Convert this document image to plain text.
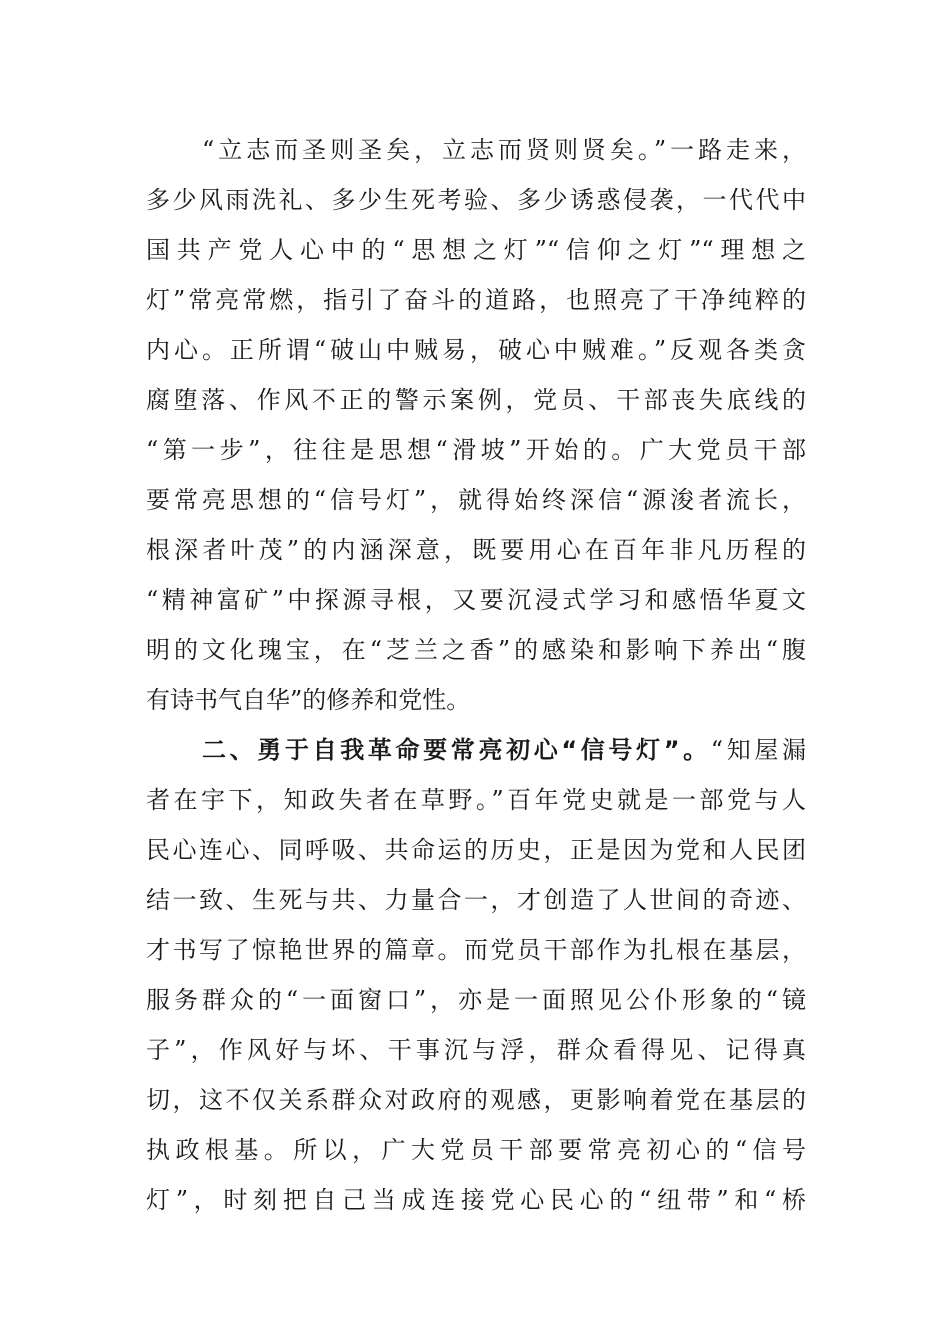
“立志而圣则圣矣，立志而贤则贤矣。”一路走来，
多少风雨洗礼、多少生死考验、多少诱惑侵袭，一代代中
国共产党人心中的“思想之灯”“信仰之灯”“理想之
灯”常亮常燃，指引了奋斗的道路，也照亮了干净纯粹的
内心。正所谓“破山中贼易，破心中贼难。”反观各类贪
腐堕落、作风不正的警示案例，党员、干部丧失底线的
“第一步”，往往是思想“滑坡”开始的。广大党员干部
要常亮思想的“信号灯”，就得始终深信“源浚者流长，
根深者叶茂”的内涵深意，既要用心在百年非凡历程的
“精神富矿”中探源寻根，又要沉浸式学习和感悟华夏文
明的文化瑰宝，在“芝兰之香”的感染和影响下养出“腹
有诗书气自华”的修养和党性。
二、勇于自我革命要常亮初心“信号灯”。“知屋漏
者在宇下，知政失者在草野。”百年党史就是一部党与人
民心连心、同呼吸、共命运的历史，正是因为党和人民团
结一致、生死与共、力量合一，才创造了人世间的奇迹、
才书写了惊艳世界的篇章。而党员干部作为扎根在基层，
服务群众的“一面窗口”，亦是一面照见公仆形象的“镜
子”，作风好与坏、干事沉与浮，群众看得见、记得真
切，这不仅关系群众对政府的观感，更影响着党在基层的
执政根基。所以，广大党员干部要常亮初心的“信号
灯”，时刻把自己当成连接党心民心的“纽带”和“桥
